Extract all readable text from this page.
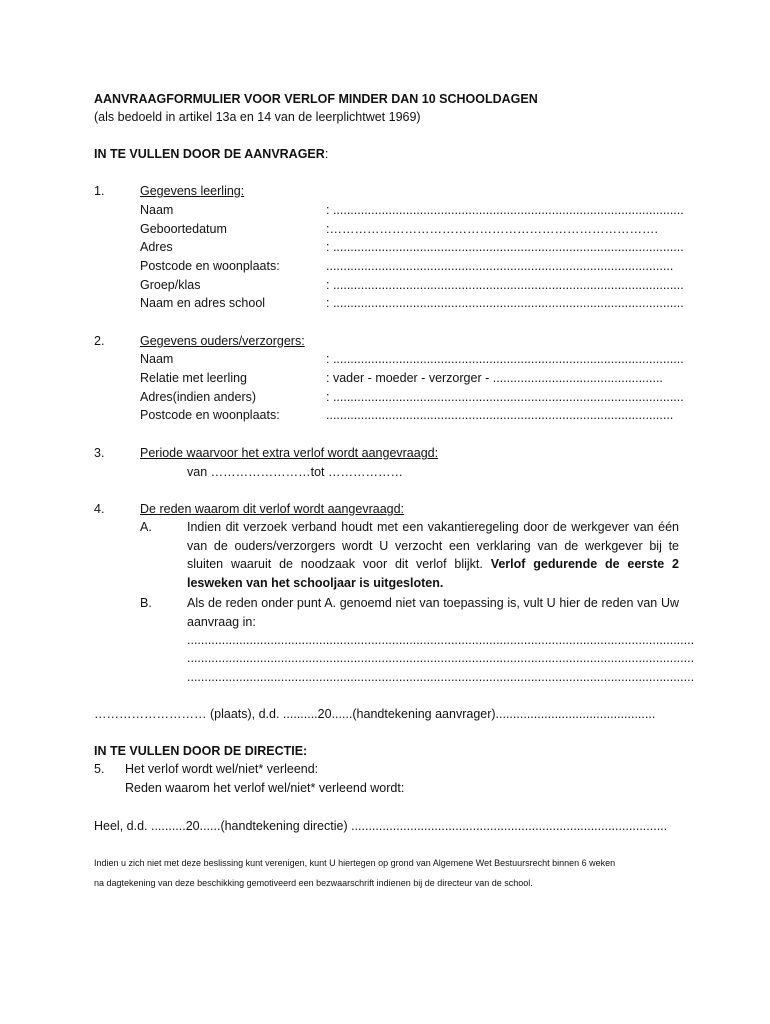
AANVRAAGFORMULIER VOOR VERLOF MINDER DAN 10 SCHOOLDAGEN
(als bedoeld in artikel 13a en 14 van de leerplichtwet 1969)
IN TE VULLEN DOOR DE AANVRAGER:
1.	Gegevens leerling:
Naam	: .....................................................................................................
Geboortedatum	:…………………………………………………………………….
Adres	: .....................................................................................................
Postcode en woonplaats:	....................................................................................................
Groep/klas	: .....................................................................................................
Naam en adres school	: .....................................................................................................
2.	Gegevens ouders/verzorgers:
Naam	: .....................................................................................................
Relatie met leerling	: vader - moeder - verzorger - .................................................
Adres(indien anders)	: .....................................................................................................
Postcode en woonplaats:	....................................................................................................
3.	Periode waarvoor het extra verlof wordt aangevraagd:
van ……………………tot ………………
4.	De reden waarom dit verlof wordt aangevraagd:
A.	Indien dit verzoek verband houdt met een vakantieregeling door de werkgever van één van de ouders/verzorgers wordt U verzocht een verklaring van de werkgever bij te sluiten waaruit de noodzaak voor dit verlof blijkt. Verlof gedurende de eerste 2 lesweken van het schooljaar is uitgesloten.
B.	Als de reden onder punt A. genoemd niet van toepassing is, vult U hier de reden van Uw aanvraag in:
..................................................................................................................................................
..................................................................................................................................................
..................................................................................................................................................
……………………… (plaats), d.d. ..........20......(handtekening aanvrager)..............................................
IN TE VULLEN DOOR DE DIRECTIE:
5. Het verlof wordt wel/niet* verleend:
Reden waarom het verlof wel/niet* verleend wordt:
Heel, d.d. ..........20......(handtekening directie) ...........................................................................................
Indien u zich niet met deze beslissing kunt verenigen, kunt U hiertegen op grond van Algemene Wet Bestuursrecht binnen 6 weken
na dagtekening van deze beschikking gemotiveerd een bezwaarschrift indienen bij de directeur van de school.
